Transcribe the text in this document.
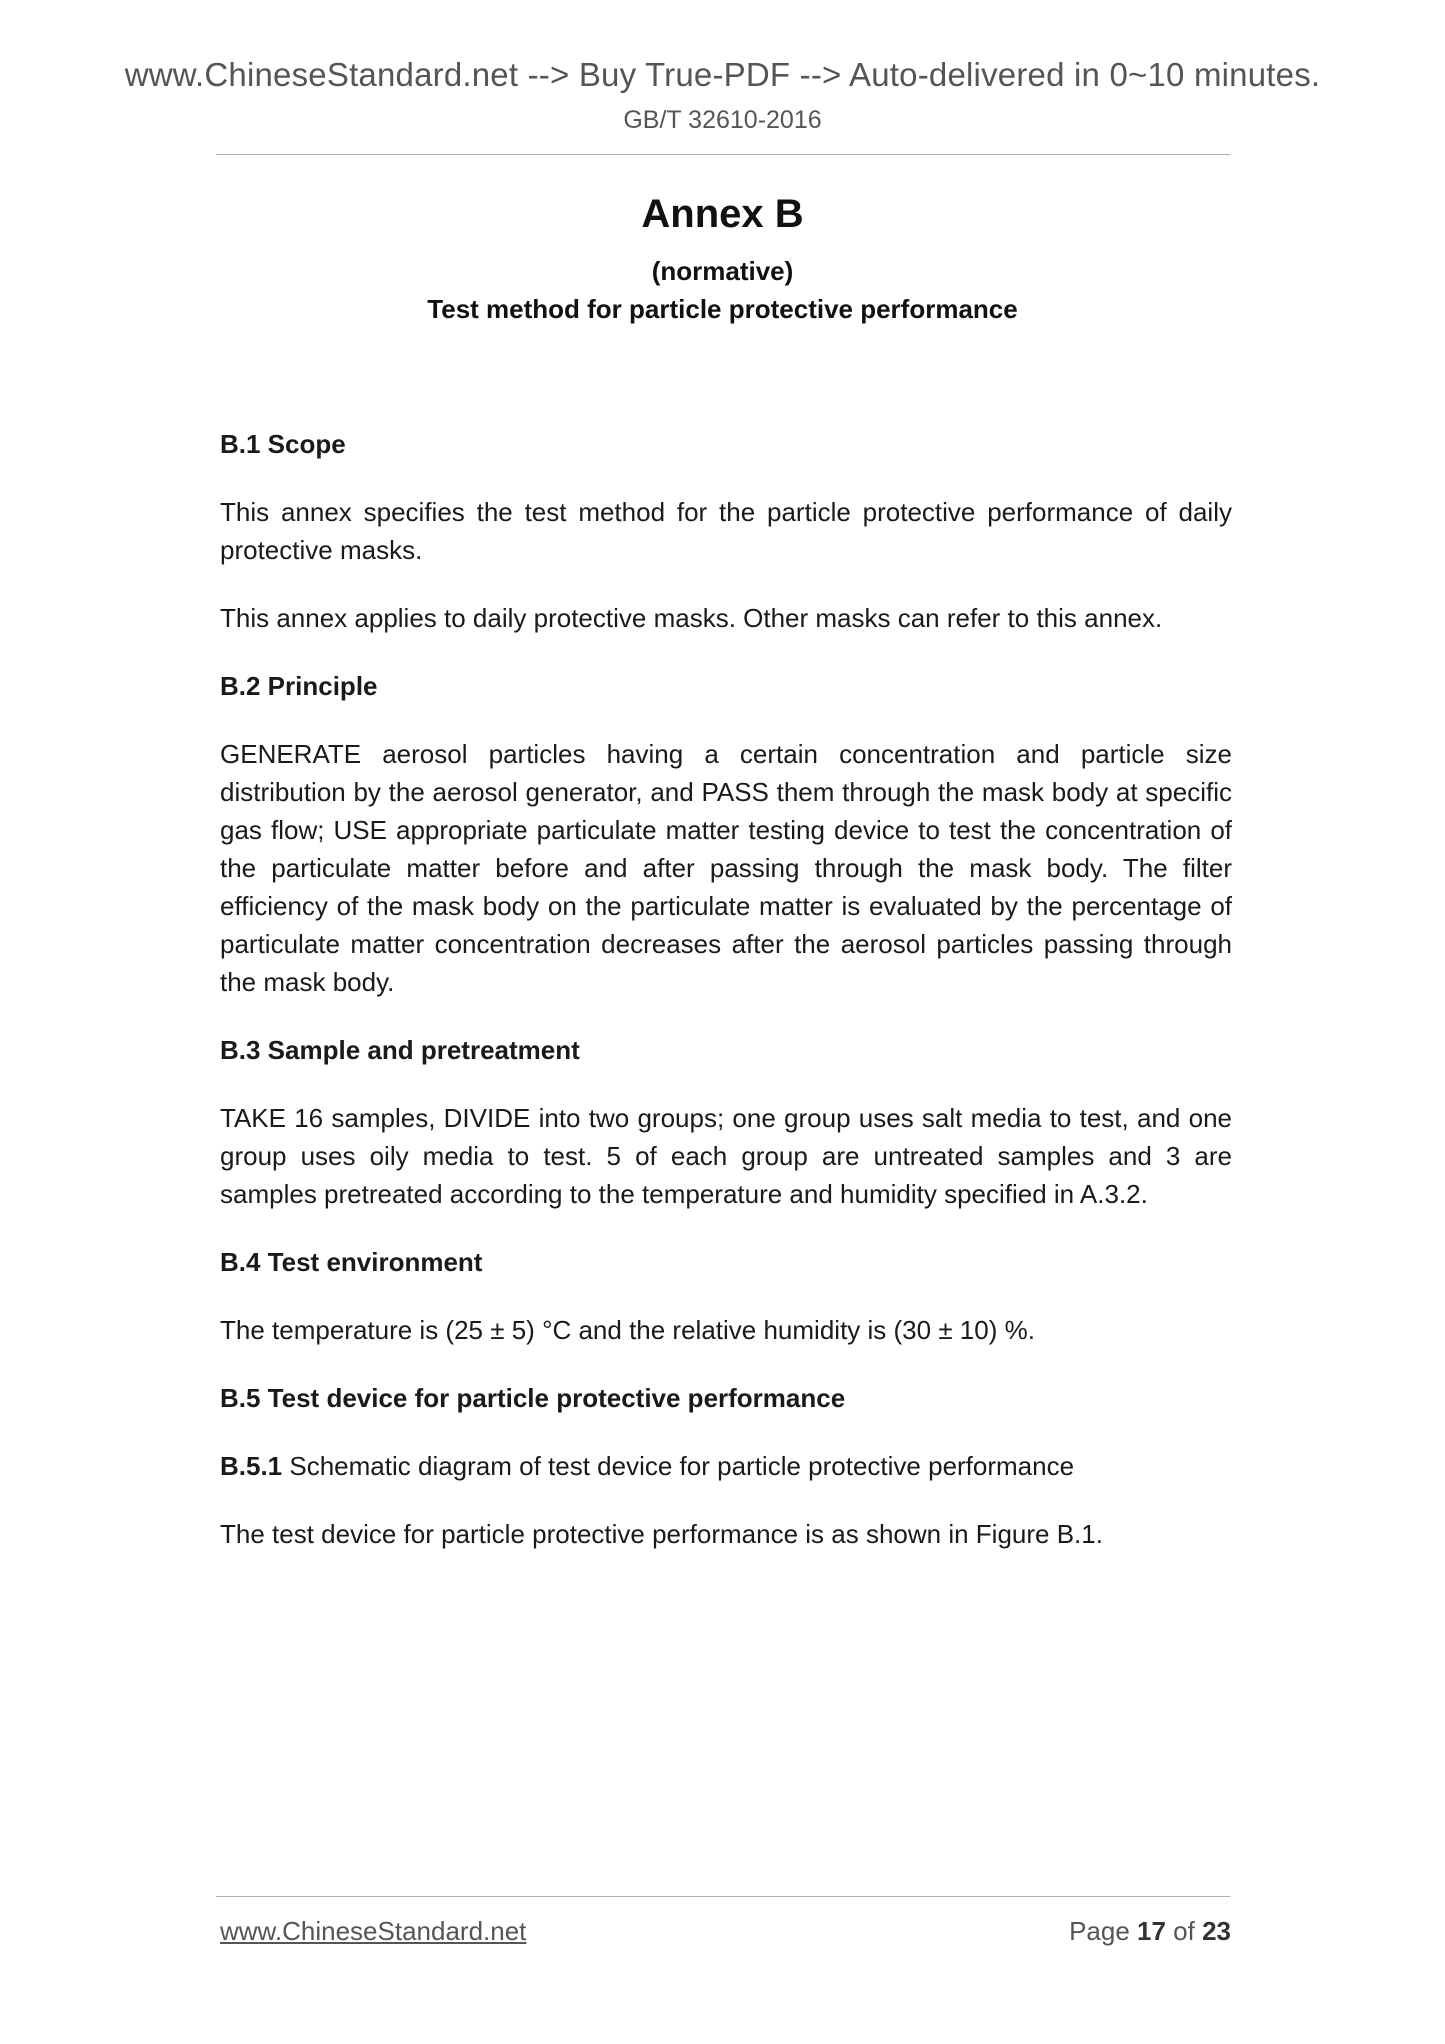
www.ChineseStandard.net --> Buy True-PDF --> Auto-delivered in 0~10 minutes.
GB/T 32610-2016
Annex B
(normative)
Test method for particle protective performance
B.1 Scope

This annex specifies the test method for the particle protective performance of daily protective masks.

This annex applies to daily protective masks. Other masks can refer to this annex.

B.2 Principle

GENERATE aerosol particles having a certain concentration and particle size distribution by the aerosol generator, and PASS them through the mask body at specific gas flow; USE appropriate particulate matter testing device to test the concentration of the particulate matter before and after passing through the mask body. The filter efficiency of the mask body on the particulate matter is evaluated by the percentage of particulate matter concentration decreases after the aerosol particles passing through the mask body.

B.3 Sample and pretreatment

TAKE 16 samples, DIVIDE into two groups; one group uses salt media to test, and one group uses oily media to test. 5 of each group are untreated samples and 3 are samples pretreated according to the temperature and humidity specified in A.3.2.

B.4 Test environment

The temperature is (25 ± 5) °C and the relative humidity is (30 ± 10) %.

B.5 Test device for particle protective performance

B.5.1 Schematic diagram of test device for particle protective performance

The test device for particle protective performance is as shown in Figure B.1.

www.ChineseStandard.net	Page 17 of 23
